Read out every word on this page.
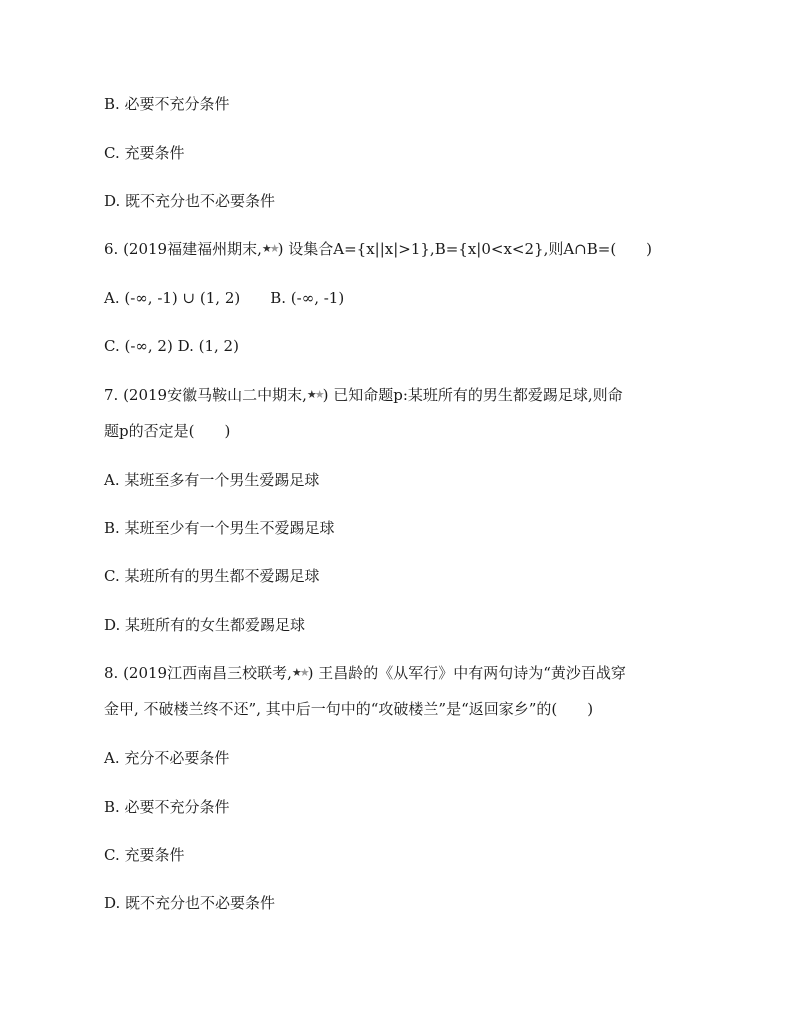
B. 必要不充分条件
C. 充要条件
D. 既不充分也不必要条件
6. (2019福建福州期末,★★) 设集合A={x||x|>1},B={x|0<x<2},则A∩B=(　　)
A. (-∞, -1) ∪ (1, 2)　　B. (-∞, -1)
C. (-∞, 2) D. (1, 2)
7. (2019安徽马鞍山二中期末,★★) 已知命题p:某班所有的男生都爱踢足球,则命
题p的否定是(　　)
A. 某班至多有一个男生爱踢足球
B. 某班至少有一个男生不爱踢足球
C. 某班所有的男生都不爱踢足球
D. 某班所有的女生都爱踢足球
8. (2019江西南昌三校联考,★★) 王昌龄的《从军行》中有两句诗为“黄沙百战穿
金甲, 不破楼兰终不还”, 其中后一句中的“攻破楼兰”是“返回家乡”的(　　)
A. 充分不必要条件
B. 必要不充分条件
C. 充要条件
D. 既不充分也不必要条件
